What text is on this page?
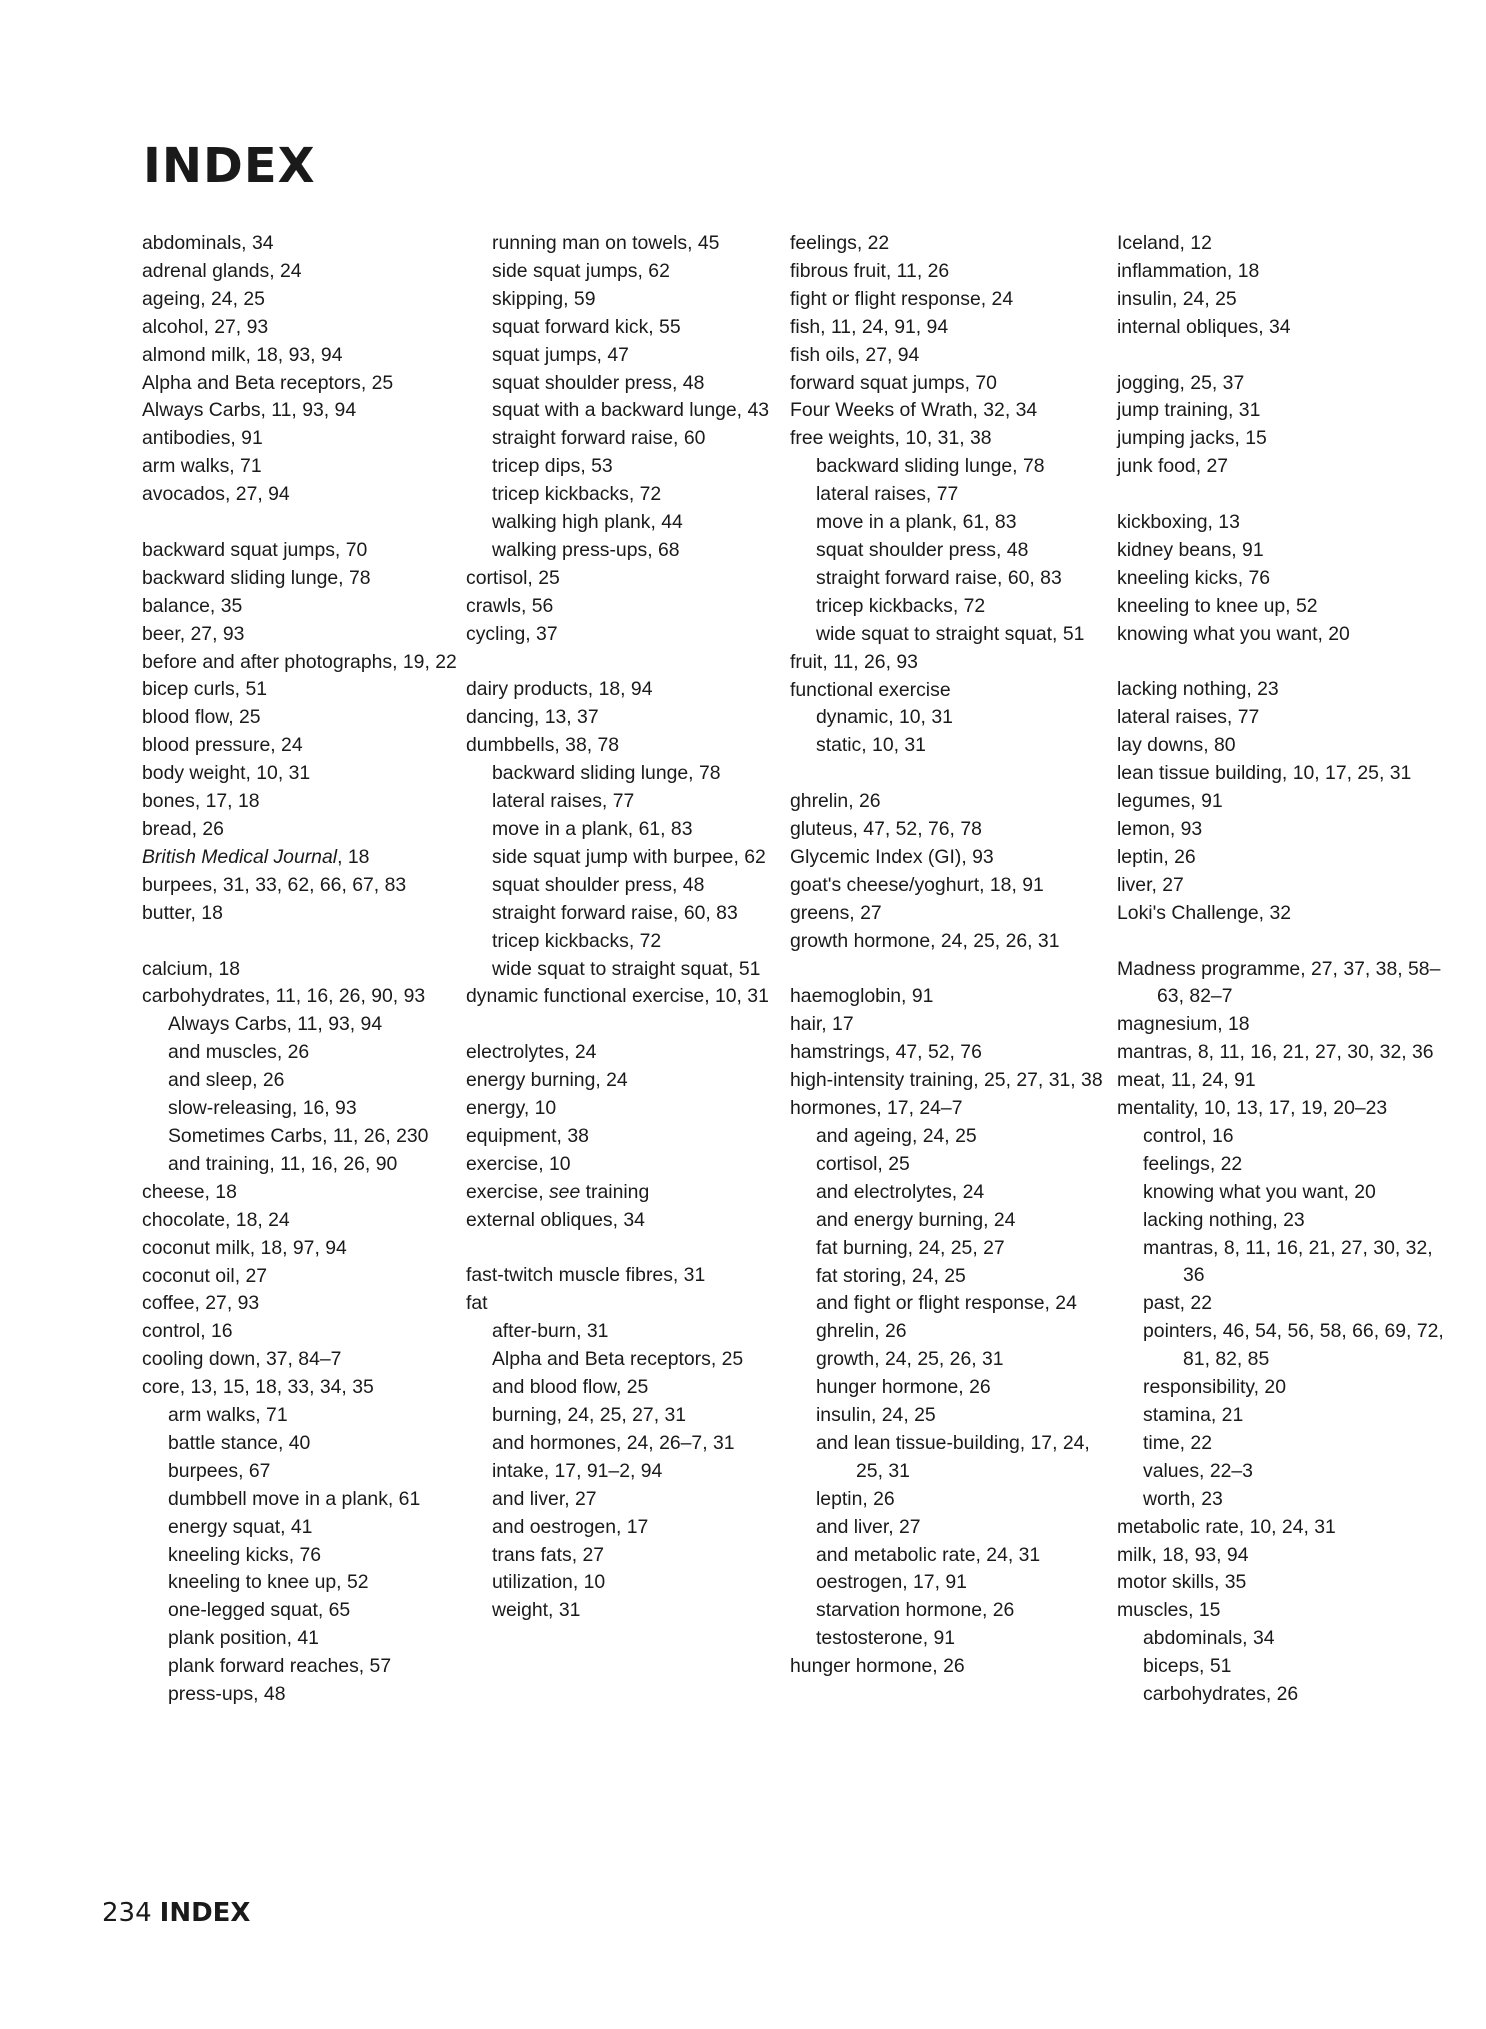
INDEX

abdominals, 34

adrenal glands, 24

ageing, 24, 25

alcohol, 27, 93

almond milk, 18, 93, 94

Alpha and Beta receptors, 25

Always Carbs, 11, 93, 94

antibodies, 91

arm walks, 71

avocados, 27, 94

backward squat jumps, 70

backward sliding lunge, 78

balance, 35

beer, 27, 93

before and after photographs, 19, 22

bicep curls, 51

blood flow, 25

blood pressure, 24

body weight, 10, 31

bones, 17, 18

bread, 26

British Medical Journal, 18

burpees, 31, 33, 62, 66, 67, 83

butter, 18

calcium, 18

carbohydrates, 11, 16, 26, 90, 93

Always Carbs, 11, 93, 94

and muscles, 26

and sleep, 26

slow-releasing, 16, 93

Sometimes Carbs, 11, 26, 230

and training, 11, 16, 26, 90

cheese, 18

chocolate, 18, 24

coconut milk, 18, 97, 94

coconut oil, 27

coffee, 27, 93

control, 16

cooling down, 37, 84–7

core, 13, 15, 18, 33, 34, 35

arm walks, 71

battle stance, 40

burpees, 67

dumbbell move in a plank, 61

energy squat, 41

kneeling kicks, 76

kneeling to knee up, 52

one-legged squat, 65

plank position, 41

plank forward reaches, 57

press-ups, 48

running man on towels, 45

side squat jumps, 62

skipping, 59

squat forward kick, 55

squat jumps, 47

squat shoulder press, 48

squat with a backward lunge, 43

straight forward raise, 60

tricep dips, 53

tricep kickbacks, 72

walking high plank, 44

walking press-ups, 68

cortisol, 25

crawls, 56

cycling, 37

dairy products, 18, 94

dancing, 13, 37

dumbbells, 38, 78

backward sliding lunge, 78

lateral raises, 77

move in a plank, 61, 83

side squat jump with burpee, 62

squat shoulder press, 48

straight forward raise, 60, 83

tricep kickbacks, 72

wide squat to straight squat, 51

dynamic functional exercise, 10, 31

electrolytes, 24

energy burning, 24

energy, 10

equipment, 38

exercise, 10

exercise, see training

external obliques, 34

fast-twitch muscle fibres, 31

fat

after-burn, 31

Alpha and Beta receptors, 25

and blood flow, 25

burning, 24, 25, 27, 31

and hormones, 24, 26–7, 31

intake, 17, 91–2, 94

and liver, 27

and oestrogen, 17

trans fats, 27

utilization, 10

weight, 31

feelings, 22

fibrous fruit, 11, 26

fight or flight response, 24

fish, 11, 24, 91, 94

fish oils, 27, 94

forward squat jumps, 70

Four Weeks of Wrath, 32, 34

free weights, 10, 31, 38

backward sliding lunge, 78

lateral raises, 77

move in a plank, 61, 83

squat shoulder press, 48

straight forward raise, 60, 83

tricep kickbacks, 72

wide squat to straight squat, 51

fruit, 11, 26, 93

functional exercise

dynamic, 10, 31

static, 10, 31

ghrelin, 26

gluteus, 47, 52, 76, 78

Glycemic Index (GI), 93

goat's cheese/yoghurt, 18, 91

greens, 27

growth hormone, 24, 25, 26, 31

haemoglobin, 91

hair, 17

hamstrings, 47, 52, 76

high-intensity training, 25, 27, 31, 38

hormones, 17, 24–7

and ageing, 24, 25

cortisol, 25

and electrolytes, 24

and energy burning, 24

fat burning, 24, 25, 27

fat storing, 24, 25

and fight or flight response, 24

ghrelin, 26

growth, 24, 25, 26, 31

hunger hormone, 26

insulin, 24, 25

and lean tissue-building, 17, 24, 25, 31

leptin, 26

and liver, 27

and metabolic rate, 24, 31

oestrogen, 17, 91

starvation hormone, 26

testosterone, 91

hunger hormone, 26

Iceland, 12

inflammation, 18

insulin, 24, 25

internal obliques, 34

jogging, 25, 37

jump training, 31

jumping jacks, 15

junk food, 27

kickboxing, 13

kidney beans, 91

kneeling kicks, 76

kneeling to knee up, 52

knowing what you want, 20

lacking nothing, 23

lateral raises, 77

lay downs, 80

lean tissue building, 10, 17, 25, 31

legumes, 91

lemon, 93

leptin, 26

liver, 27

Loki's Challenge, 32

Madness programme, 27, 37, 38, 58–63, 82–7

magnesium, 18

mantras, 8, 11, 16, 21, 27, 30, 32, 36

meat, 11, 24, 91

mentality, 10, 13, 17, 19, 20–23

control, 16

feelings, 22

knowing what you want, 20

lacking nothing, 23

mantras, 8, 11, 16, 21, 27, 30, 32, 36

past, 22

pointers, 46, 54, 56, 58, 66, 69, 72, 81, 82, 85

responsibility, 20

stamina, 21

time, 22

values, 22–3

worth, 23

metabolic rate, 10, 24, 31

milk, 18, 93, 94

motor skills, 35

muscles, 15

abdominals, 34

biceps, 51

carbohydrates, 26

234 INDEX
